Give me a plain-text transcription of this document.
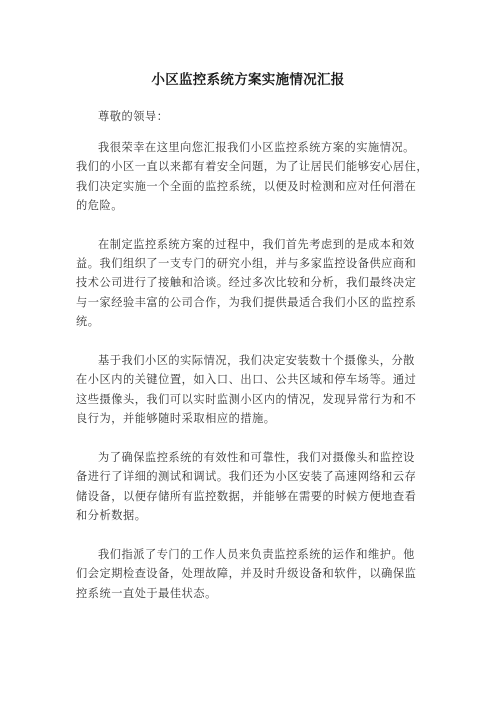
小区监控系统方案实施情况汇报
尊敬的领导：
我很荣幸在这里向您汇报我们小区监控系统方案的实施情况。
我们的小区一直以来都有着安全问题，为了让居民们能够安心居住，
我们决定实施一个全面的监控系统，以便及时检测和应对任何潜在
的危险。
在制定监控系统方案的过程中，我们首先考虑到的是成本和效
益。我们组织了一支专门的研究小组，并与多家监控设备供应商和
技术公司进行了接触和洽谈。经过多次比较和分析，我们最终决定
与一家经验丰富的公司合作，为我们提供最适合我们小区的监控系
统。
基于我们小区的实际情况，我们决定安装数十个摄像头，分散
在小区内的关键位置，如入口、出口、公共区域和停车场等。通过
这些摄像头，我们可以实时监测小区内的情况，发现异常行为和不
良行为，并能够随时采取相应的措施。
为了确保监控系统的有效性和可靠性，我们对摄像头和监控设
备进行了详细的测试和调试。我们还为小区安装了高速网络和云存
储设备，以便存储所有监控数据，并能够在需要的时候方便地查看
和分析数据。
我们指派了专门的工作人员来负责监控系统的运作和维护。他
们会定期检查设备，处理故障，并及时升级设备和软件，以确保监
控系统一直处于最佳状态。
